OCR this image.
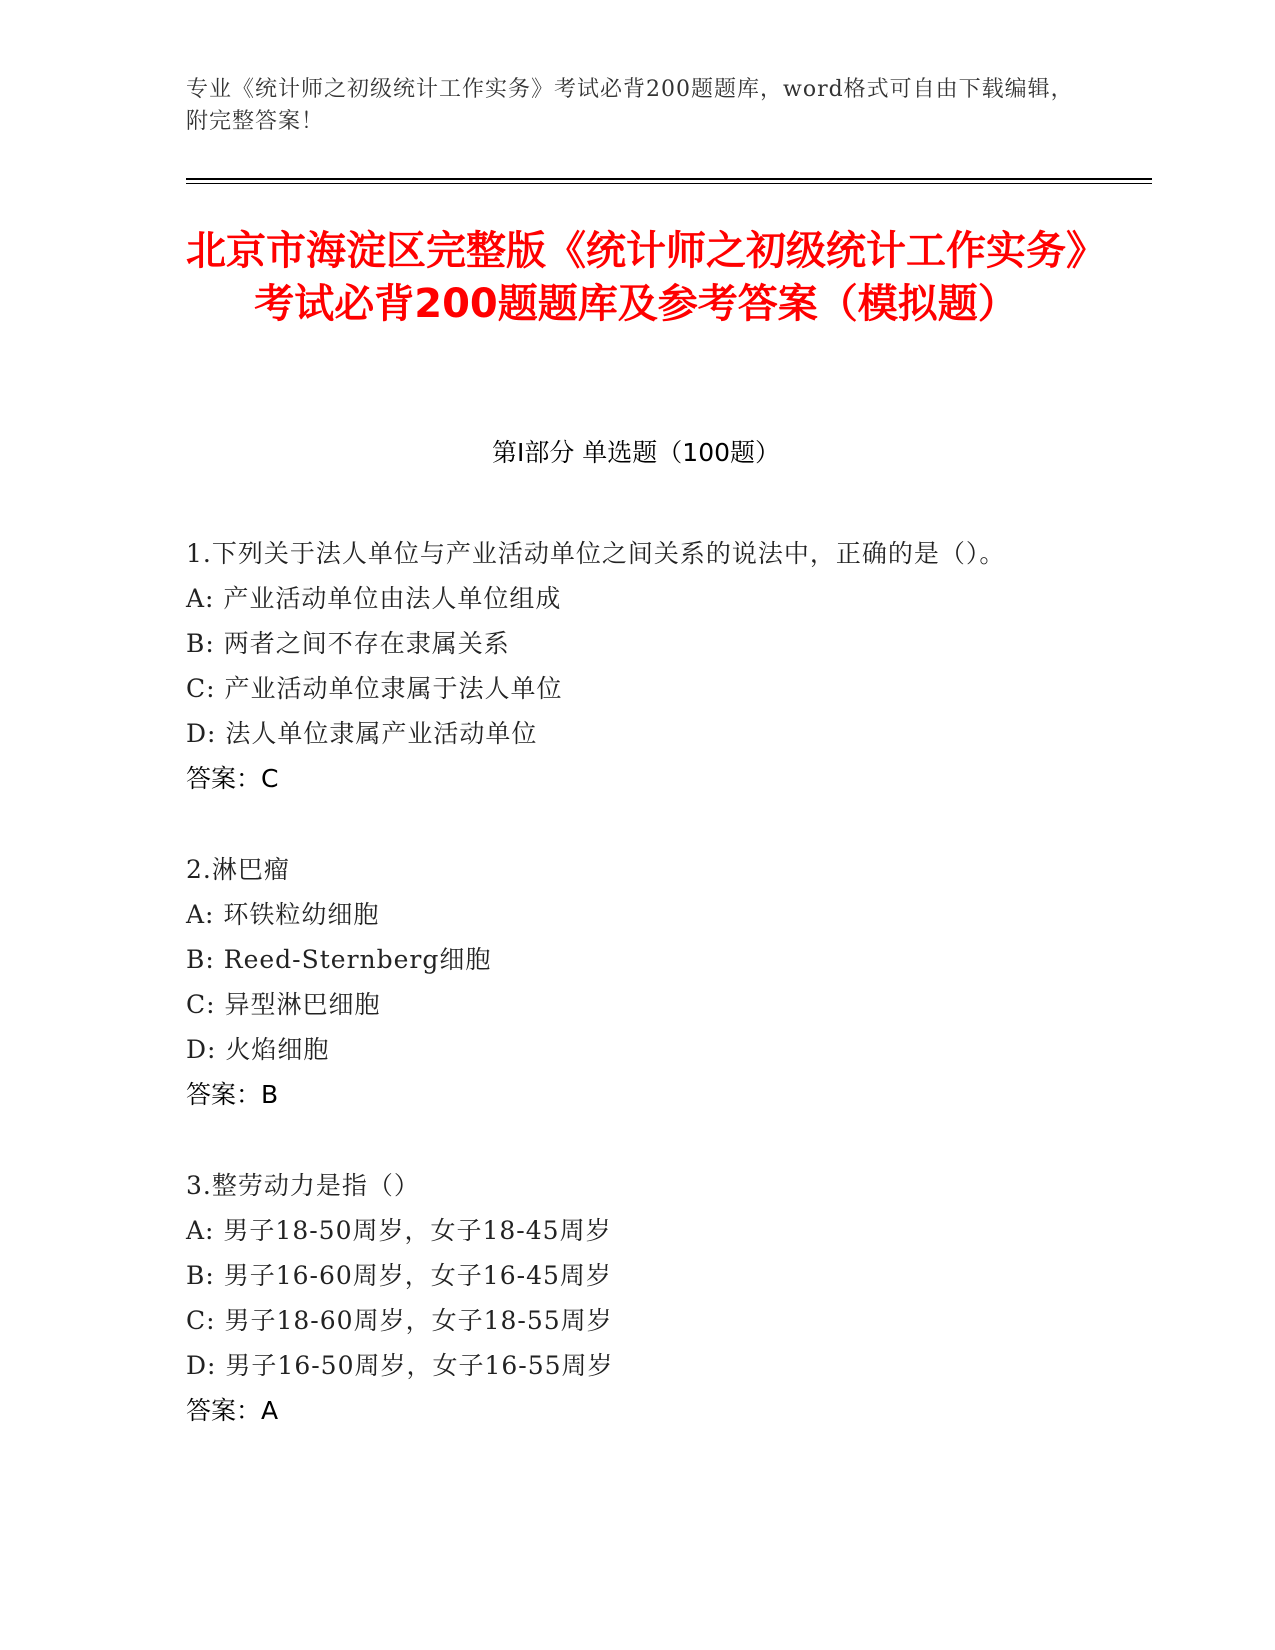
专业《统计师之初级统计工作实务》考试必背200题题库，word格式可自由下载编辑，附完整答案！
北京市海淀区完整版《统计师之初级统计工作实务》考试必背200题题库及参考答案（模拟题）
第I部分 单选题（100题）
1.下列关于法人单位与产业活动单位之间关系的说法中，正确的是（）。
A: 产业活动单位由法人单位组成
B: 两者之间不存在隶属关系
C: 产业活动单位隶属于法人单位
D: 法人单位隶属产业活动单位
答案：C
2.淋巴瘤
A: 环铁粒幼细胞
B: Reed-Sternberg细胞
C: 异型淋巴细胞
D: 火焰细胞
答案：B
3.整劳动力是指（）
A: 男子18-50周岁，女子18-45周岁
B: 男子16-60周岁，女子16-45周岁
C: 男子18-60周岁，女子18-55周岁
D: 男子16-50周岁，女子16-55周岁
答案：A
